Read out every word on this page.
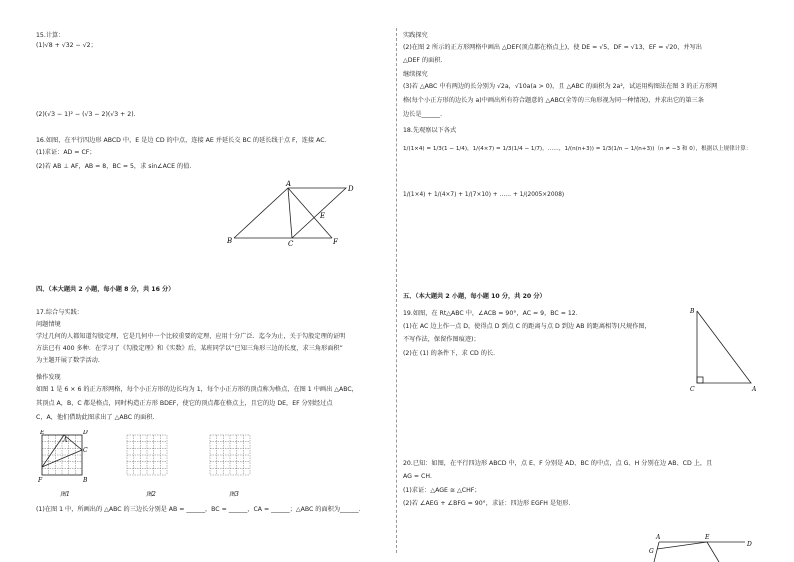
15.计算：
(1)√8 + √32 − √2；
(2)(√3 − 1)² − (√3 − 2)(√3 + 2).
16.如图，在平行四边形 ABCD 中，E 是边 CD 的中点，连接 AE 并延长交 BC 的延长线于点 F，连接 AC．
(1)求证：AD = CF；
(2)若 AB ⊥ AF，AB = 8，BC = 5，求 sin∠ACE 的值.
B
A
D
E
C	F
四、（本大题共 2 小题，每小题 8 分，共 16 分）
17.综合与实践：
问题情境
学过几何的人都知道勾股定理，它是几何中一个比较重要的定理，应用十分广泛．迄今为止，关于勾股定理的证明
方法已有 400 多种．在学习了《勾股定理》和《实数》后，某班同学以“已知三角形三边的长度，求三角形面积”
为主题开展了数学活动.
操作发现
如图 1 是 6 × 6 的正方形网格，每个小正方形的边长均为 1，每个小正方形的顶点称为格点，在图 1 中画出 △ABC，
其顶点 A，B，C 都是格点，同时构造正方形 BDEF，使它的顶点都在格点上，且它的边 DE，EF 分别经过点
C，A，他们借助此图求出了 △ABC 的面积.
E	D
A
C
F	B
图1	图2	图3
(1)在图 1 中，所画出的 △ABC 的三边长分别是 AB = ______，BC = ______，CA = ______；△ABC 的面积为______．
实践探究
(2)在图 2 所示的正方形网格中画出 △DEF(顶点都在格点上)，使 DE = √5，DF = √13，EF = √20，并写出
△DEF 的面积.
继续探究
(3)若 △ABC 中有两边的长分别为 √2a，√10a(a > 0)，且 △ABC 的面积为 2a²，试运用构图法在图 3 的正方形网
格(每个小正方形的边长为 a)中画出所有符合题意的 △ABC(全等的三角形视为同一种情况)，并求出它的第三条
边长是______.
18.先观察以下各式
1/(1×4) = 1/3(1 − 1/4)，1/(4×7) = 1/3(1/4 − 1/7)，……，1/(n(n+3)) = 1/3(1/n − 1/(n+3))（n ≠ −3 和 0），根据以上规律计算：
1/(1×4) + 1/(4×7) + 1/(7×10) + …… + 1/(2005×2008)
五、（本大题共 2 小题，每小题 10 分，共 20 分）
19.如图，在 Rt△ABC 中，∠ACB = 90°，AC = 9，BC = 12．
(1)在 AC 边上作一点 D，使得点 D 到点 C 的距离与点 D 到边 AB 的距离相等(尺规作图，
不写作法，保留作图痕迹)；
(2)在 (1) 的条件下，求 CD 的长.
B
C	A
20.已知：如图，在平行四边形 ABCD 中，点 E、F 分别是 AD、BC 的中点，点 G、H 分别在边 AB、CD 上，且
AG = CH．
(1)求证：△AGE ≅ △CHF；
(2)若 ∠AEG + ∠BFG = 90°，求证：四边形 EGFH 是矩形.
A	E
D
G
